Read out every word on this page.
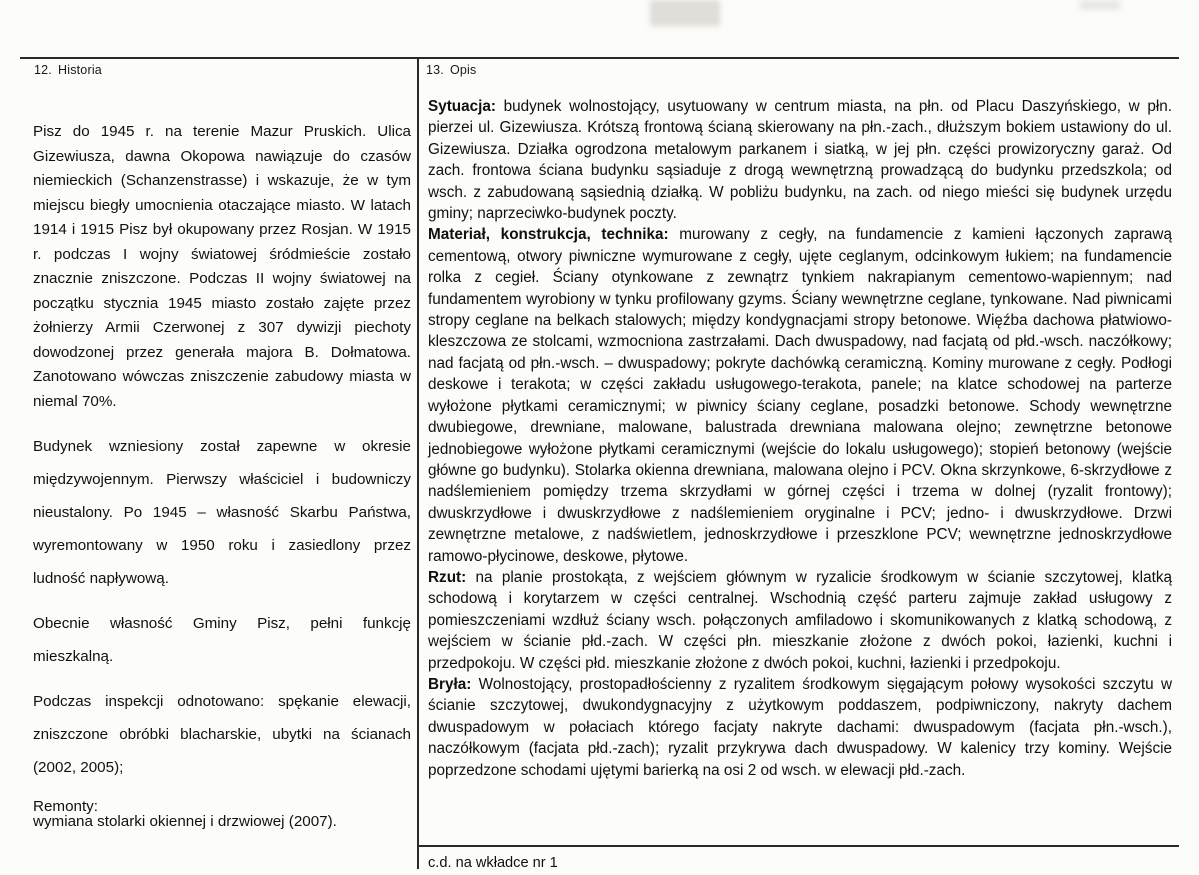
12. Historia	13. Opis

Pisz do 1945 r. na terenie Mazur Pruskich. Ulica Gizewiusza, dawna Okopowa nawiązuje do czasów niemieckich (Schanzenstrasse) i wskazuje, że w tym miejscu biegły umocnienia otaczające miasto. W latach 1914 i 1915 Pisz był okupowany przez Rosjan. W 1915 r. podczas I wojny światowej śródmieście zostało znacznie zniszczone. Podczas II wojny światowej na początku stycznia 1945 miasto zostało zajęte przez żołnierzy Armii Czerwonej z 307 dywizji piechoty dowodzonej przez generała majora B. Dołmatowa. Zanotowano wówczas zniszczenie zabudowy miasta w niemal 70%.

Budynek wzniesiony został zapewne w okresie międzywojennym. Pierwszy właściciel i budowniczy nieustalony. Po 1945 – własność Skarbu Państwa, wyremontowany w 1950 roku i zasiedlony przez ludność napływową.

Obecnie własność Gminy Pisz, pełni funkcję mieszkalną.

Podczas inspekcji odnotowano: spękanie elewacji, zniszczone obróbki blacharskie, ubytki na ścianach (2002, 2005);

Remonty:

wymiana stolarki okiennej i drzwiowej (2007).

Sytuacja: budynek wolnostojący, usytuowany w centrum miasta, na płn. od Placu Daszyńskiego, w płn. pierzei ul. Gizewiusza. Krótszą frontową ścianą skierowany na płn.-zach., dłuższym bokiem ustawiony do ul. Gizewiusza. Działka ogrodzona metalowym parkanem i siatką, w jej płn. części prowizoryczny garaż. Od zach. frontowa ściana budynku sąsiaduje z drogą wewnętrzną prowadzącą do budynku przedszkola; od wsch. z zabudowaną sąsiednią działką. W pobliżu budynku, na zach. od niego mieści się budynek urzędu gminy; naprzeciwko-budynek poczty.

Materiał, konstrukcja, technika: murowany z cegły, na fundamencie z kamieni łączonych zaprawą cementową, otwory piwniczne wymurowane z cegły, ujęte ceglanym, odcinkowym łukiem; na fundamencie rolka z cegieł. Ściany otynkowane z zewnątrz tynkiem nakrapianym cementowo-wapiennym; nad fundamentem wyrobiony w tynku profilowany gzyms. Ściany wewnętrzne ceglane, tynkowane. Nad piwnicami stropy ceglane na belkach stalowych; między kondygnacjami stropy betonowe. Więźba dachowa płatwiowo-kleszczowa ze stolcami, wzmocniona zastrzałami. Dach dwuspadowy, nad facjatą od płd.-wsch. naczółkowy; nad facjatą od płn.-wsch. – dwuspadowy; pokryte dachówką ceramiczną. Kominy murowane z cegły. Podłogi deskowe i terakota; w części zakładu usługowego-terakota, panele; na klatce schodowej na parterze wyłożone płytkami ceramicznymi; w piwnicy ściany ceglane, posadzki betonowe. Schody wewnętrzne dwubiegowe, drewniane, malowane, balustrada drewniana malowana olejno; zewnętrzne betonowe jednobiegowe wyłożone płytkami ceramicznymi (wejście do lokalu usługowego); stopień betonowy (wejście główne go budynku). Stolarka okienna drewniana, malowana olejno i PCV. Okna skrzynkowe, 6-skrzydłowe z nadślemieniem pomiędzy trzema skrzydłami w górnej części i trzema w dolnej (ryzalit frontowy); dwuskrzydłowe i dwuskrzydłowe z nadślemieniem oryginalne i PCV; jedno- i dwuskrzydłowe. Drzwi zewnętrzne metalowe, z nadświetlem, jednoskrzydłowe i przeszklone PCV; wewnętrzne jednoskrzydłowe ramowo-płycinowe, deskowe, płytowe.

Rzut: na planie prostokąta, z wejściem głównym w ryzalicie środkowym w ścianie szczytowej, klatką schodową i korytarzem w części centralnej. Wschodnią część parteru zajmuje zakład usługowy z pomieszczeniami wzdłuż ściany wsch. połączonych amfiladowo i skomunikowanych z klatką schodową, z wejściem w ścianie płd.-zach. W części płn. mieszkanie złożone z dwóch pokoi, łazienki, kuchni i przedpokoju. W części płd. mieszkanie złożone z dwóch pokoi, kuchni, łazienki i przedpokoju.

Bryła: Wolnostojący, prostopadłościenny z ryzalitem środkowym sięgającym połowy wysokości szczytu w ścianie szczytowej, dwukondygnacyjny z użytkowym poddaszem, podpiwniczony, nakryty dachem dwuspadowym w połaciach którego facjaty nakryte dachami: dwuspadowym (facjata płn.-wsch.), naczółkowym (facjata płd.-zach); ryzalit przykrywa dach dwuspadowy. W kalenicy trzy kominy. Wejście poprzedzone schodami ujętymi barierką na osi 2 od wsch. w elewacji płd.-zach.

c.d. na wkładce nr 1
